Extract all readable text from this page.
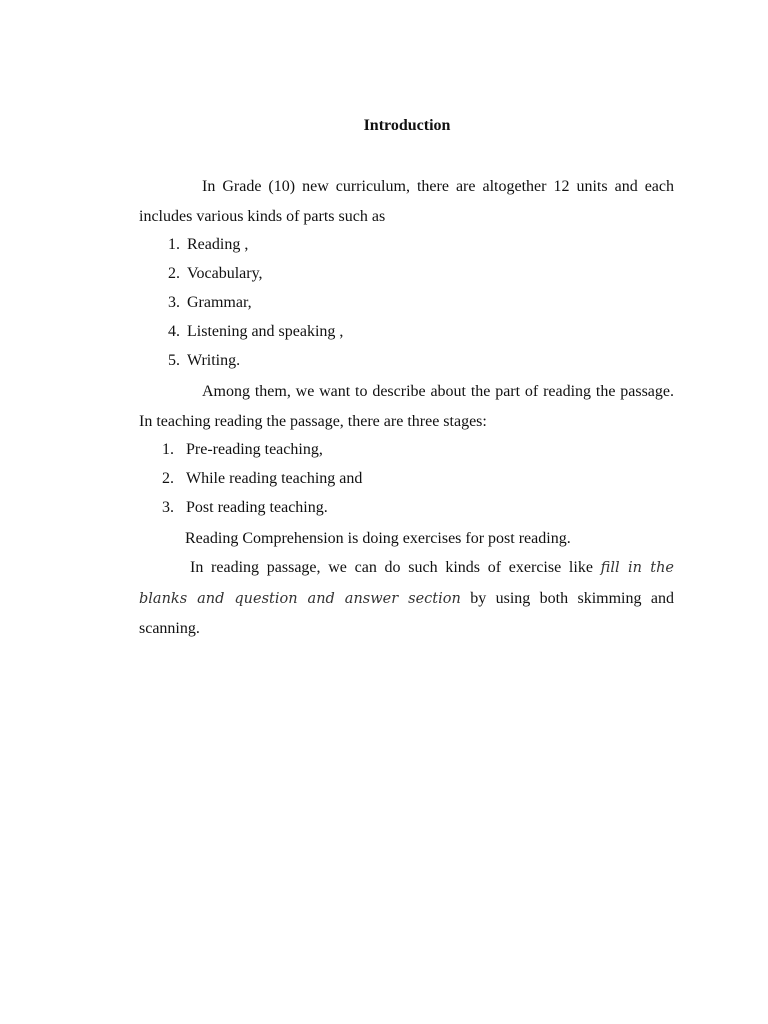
Introduction

In Grade (10) new curriculum, there are altogether 12 units and each includes various kinds of parts such as

1. Reading ,
2. Vocabulary,
3. Grammar,
4. Listening and speaking ,
5. Writing.

Among them, we want to describe about the part of reading the passage. In teaching reading the passage, there are three stages:

1. Pre-reading teaching,
2. While reading teaching and
3. Post reading teaching.

Reading Comprehension is doing exercises for post reading.

In reading passage, we can do such kinds of exercise like fill in the blanks and question and answer section by using both skimming and scanning.
